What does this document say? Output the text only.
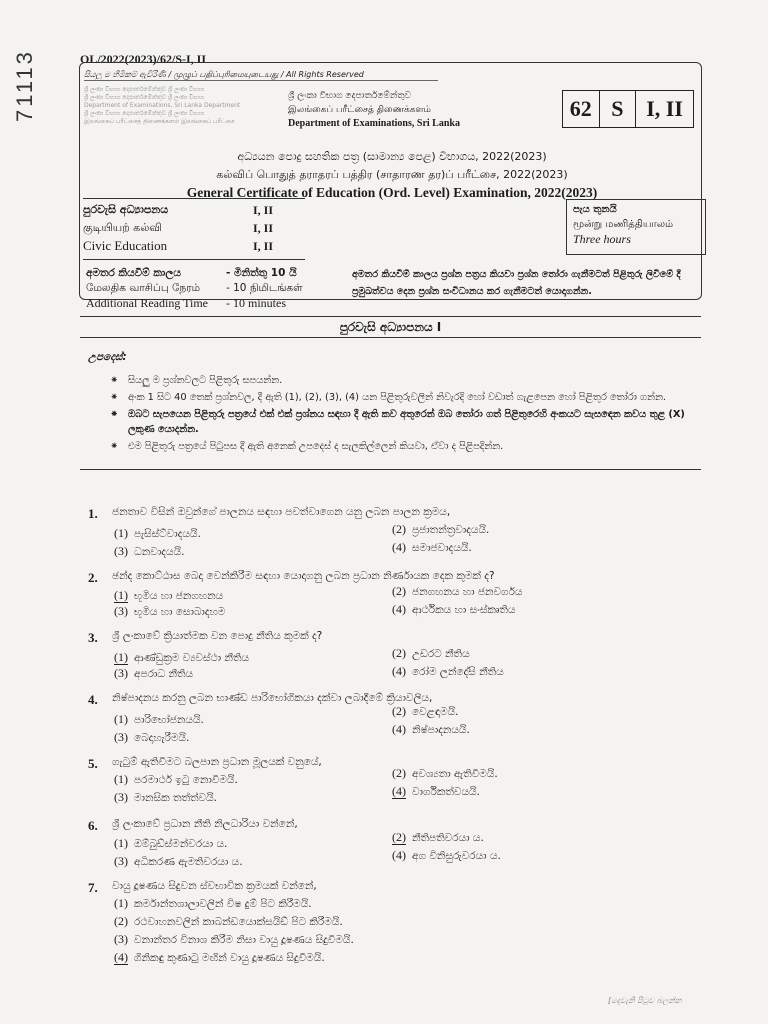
OL/2022(2023)/62/S-I, II
71113	සියලු ම හිමිකම් ඇවිරිණි / முழுப் பதிப்புரிமையுடையது / All Rights Reserved
ශ්‍රී ලංකා විභාග දෙපාර්තමේන්තුව ශ්‍රී ලංකා විභාග
ශ්‍රී ලංකා විභාග දෙපාර්තමේන්තුව ශ්‍රී ලංකා විභාග
Department of Examinations, Sri Lanka Department
ශ්‍රී ලංකා විභාග දෙපාර්තමේන්තුව ශ්‍රී ලංකා විභාග
இலங்கைப் பரீட்சைத் திணைக்களம் இலங்கைப் பரீட்சை
ශ්‍රී ලංකා විභාග දෙපාර්තමේන්තුව
இலங்கைப் பரீட்சைத் திணைக்களம்
Department of Examinations, Sri Lanka
62 S	I, II
අධ්‍යයන පොදු සහතික පත්‍ර (සාමාන්‍ය පෙළ) විභාගය, 2022(2023)
கல்விப் பொதுத் தராதரப் பத்திர (சாதாரண தர)ப் பரீட்சை, 2022(2023)
General Certificate of Education (Ord. Level) Examination, 2022(2023)
පුරවැසි අධ්‍යාපනය	I, II
குடியியற் கல்வி	I, II
Civic Education	I, II
පැය තුනයි
மூன்று மணித்தியாலம்
Three hours
අමතර කියවීම් කාලය	- මිනිත්තු 10 යි
மேலதிக வாசிப்பு நேரம்	- 10 நிமிடங்கள்
Additional Reading Time	- 10 minutes
අමතර කියවීම් කාලය ප්‍රශ්න පත්‍රය කියවා ප්‍රශ්න තෝරා ගැනීමටත් පිළිතුරු ලිවීමේ දී ප්‍රමුඛත්වය දෙන ප්‍රශ්න සංවිධානය කර ගැනීමටත් යොදාගන්න.
පුරවැසි අධ්‍යාපනය I
උපදෙස්:
⁕ සියලු ම ප්‍රශ්නවලට පිළිතුරු සපයන්න.
⁕ අංක 1 සිට 40 තෙක් ප්‍රශ්නවල, දී ඇති (1), (2), (3), (4) යන පිළිතුරුවලින් නිවැරදි හෝ වඩාත් ගැළපෙන හෝ පිළිතුර තෝරා ගන්න.
⁕ ඔබට සැපයෙන පිළිතුරු පත්‍රයේ එක් එක් ප්‍රශ්නය සඳහා දී ඇති කව අතුරෙන් ඔබ තෝරා ගත් පිළිතුරෙහි අංකයට සැසඳෙන කවය තුළ (X) ලකුණ යොදන්න.
⁕ එම පිළිතුරු පත්‍රයේ පිටුපස දී ඇති අනෙක් උපදෙස් ද සැලකිල්ලෙන් කියවා, ඒවා ද පිළිපදින්න.
1. ජනතාව විසින් ඔවුන්ගේ පාලනය සඳහා පවත්වාගෙන යනු ලබන පාලන ක්‍රමය,
(1) පැසිස්ට්වාදයයි.	(2) ප්‍රජාතන්ත්‍රවාදයයි.
(3) ධනවාදයයි.	(4) සමාජවාදයයි.
2. ඡන්ද කොට්ඨාස බෙදා වෙන්කිරීම සඳහා යොදාගනු ලබන ප්‍රධාන නිර්ණායක දෙක කුමක් ද?
(1) භූමිය හා ජනගහනය	(2) ජනගහනය හා ජනවර්ගය
(3) භූමිය හා සොබාදහම	(4) ආර්ථිකය හා සංස්කෘතිය
3. ශ්‍රී ලංකාවේ ක්‍රියාත්මක වන පොදු නීතිය කුමක් ද?
(1) ආණ්ඩුක්‍රම ව්‍යවස්ථා නීතිය	(2) උඩරට නීතිය
(3) අපරාධ නීතිය	(4) රෝම ලන්දේසි නීතිය
4. නිෂ්පාදනය කරනු ලබන භාණ්ඩ පාරිභෝගිකයා දක්වා ලබාදීමේ ක්‍රියාවලිය,
(1) පාරිභෝජනයයි.
(2) වෙළඳාමයි.
(3) බෙදාහැරීමයි.
(4) නිෂ්පාදනයයි.
5. ගැටුම් ඇතිවීමට බලපාන ප්‍රධාන මූලයක් වනුයේ,
(1) පරමාර්ථ ඉටු නොවීමයි.	(2) අවශ්‍යතා ඇතිවීමයි.
(3) මානසික තත්ත්වයි.	(4) වාර්ගිකත්වයයි.
6. ශ්‍රී ලංකාවේ ප්‍රධාන නීති නිලධාරියා වන්නේ,
(1) ඔම්බුඩ්ස්මන්වරයා ය.	(2) නීතිපතිවරයා ය.
(3) අධිකරණ ඇමතිවරයා ය.	(4) අග විනිසුරුවරයා ය.
7. වායු දූෂණය සිදුවන ස්වභාවික ක්‍රමයක් වන්නේ,
(1) කර්මාන්තශාලාවලින් විෂ දුම් පිට කිරීමයි.
(2) රථවාහනවලින් කාබන්ඩයොක්සයිඩ් පිට කිරීමයි.
(3) වනාන්තර විනාශ කිරීම නිසා වායු දූෂණය සිදුවීමයි.
(4) ගිනිකඳු කුණාටු මඟින් වායු දූෂණය සිදුවීමයි.
[දෙවැනි පිටුව බලන්න
